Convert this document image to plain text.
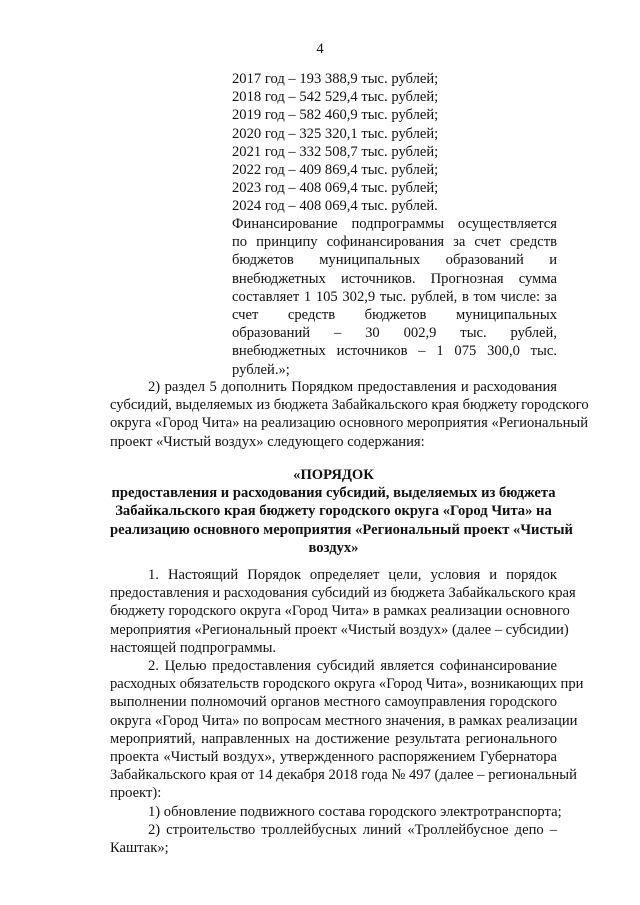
4
2017 год – 193 388,9 тыс. рублей;
2018 год – 542 529,4 тыс. рублей;
2019 год – 582 460,9 тыс. рублей;
2020 год – 325 320,1 тыс. рублей;
2021 год – 332 508,7 тыс. рублей;
2022 год – 409 869,4 тыс. рублей;
2023 год – 408 069,4 тыс. рублей;
2024 год – 408 069,4 тыс. рублей.
Финансирование подпрограммы осуществляется
по принципу софинансирования за счет средств
бюджетов муниципальных образований и
внебюджетных источников. Прогнозная сумма
составляет 1 105 302,9 тыс. рублей, в том числе: за
счет средств бюджетов муниципальных
образований – 30 002,9 тыс. рублей,
внебюджетных источников – 1 075 300,0 тыс.
рублей.»;
2) раздел 5 дополнить Порядком предоставления и расходования
субсидий, выделяемых из бюджета Забайкальского края бюджету городского
округа «Город Чита» на реализацию основного мероприятия «Региональный
проект «Чистый воздух» следующего содержания:
«ПОРЯДОК
предоставления и расходования субсидий, выделяемых из бюджета
Забайкальского края бюджету городского округа «Город Чита» на
реализацию основного мероприятия «Региональный проект «Чистый
воздух»
1. Настоящий Порядок определяет цели, условия и порядок
предоставления и расходования субсидий из бюджета Забайкальского края
бюджету городского округа «Город Чита» в рамках реализации основного
мероприятия «Региональный проект «Чистый воздух» (далее – субсидии)
настоящей подпрограммы.
2. Целью предоставления субсидий является софинансирование
расходных обязательств городского округа «Город Чита», возникающих при
выполнении полномочий органов местного самоуправления городского
округа «Город Чита» по вопросам местного значения, в рамках реализации
мероприятий, направленных на достижение результата регионального
проекта «Чистый воздух», утвержденного распоряжением Губернатора
Забайкальского края от 14 декабря 2018 года № 497 (далее – региональный
проект):
1) обновление подвижного состава городского электротранспорта;
2) строительство троллейбусных линий «Троллейбусное депо –
Каштак»;
